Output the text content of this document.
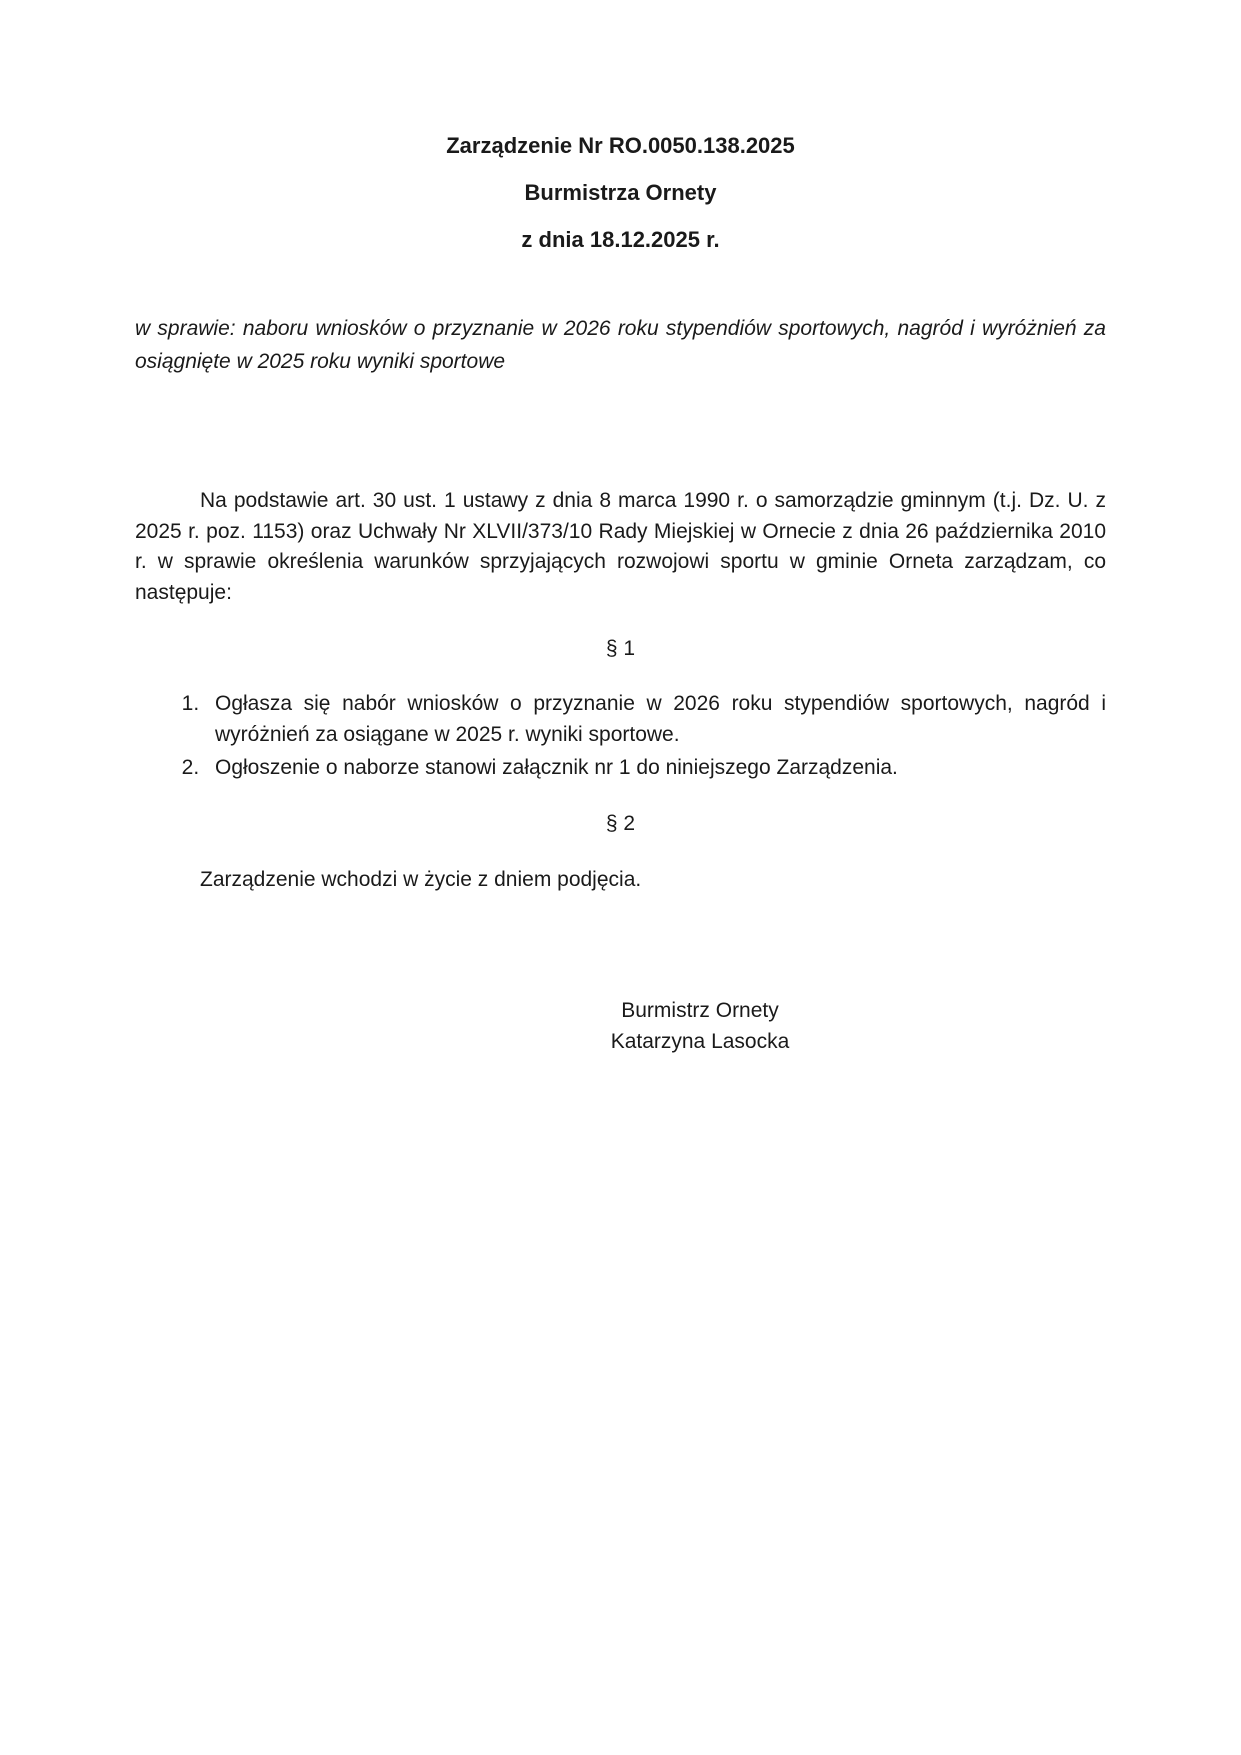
Zarządzenie Nr RO.0050.138.2025

Burmistrza Ornety

z dnia 18.12.2025 r.

w sprawie: naboru wniosków o przyznanie w 2026 roku stypendiów sportowych, nagród i wyróżnień za osiągnięte w 2025 roku wyniki sportowe

Na podstawie art. 30 ust. 1 ustawy z dnia 8 marca 1990 r. o samorządzie gminnym (t.j. Dz. U. z 2025 r. poz. 1153) oraz Uchwały Nr XLVII/373/10 Rady Miejskiej w Ornecie z dnia 26 października 2010 r. w sprawie określenia warunków sprzyjających rozwojowi sportu w gminie Orneta zarządzam, co następuje:

§ 1

1. Ogłasza się nabór wniosków o przyznanie w 2026 roku stypendiów sportowych, nagród i wyróżnień za osiągane w 2025 r. wyniki sportowe.
2. Ogłoszenie o naborze stanowi załącznik nr 1 do niniejszego Zarządzenia.

§ 2

Zarządzenie wchodzi w życie z dniem podjęcia.

Burmistrz Ornety
Katarzyna Lasocka
